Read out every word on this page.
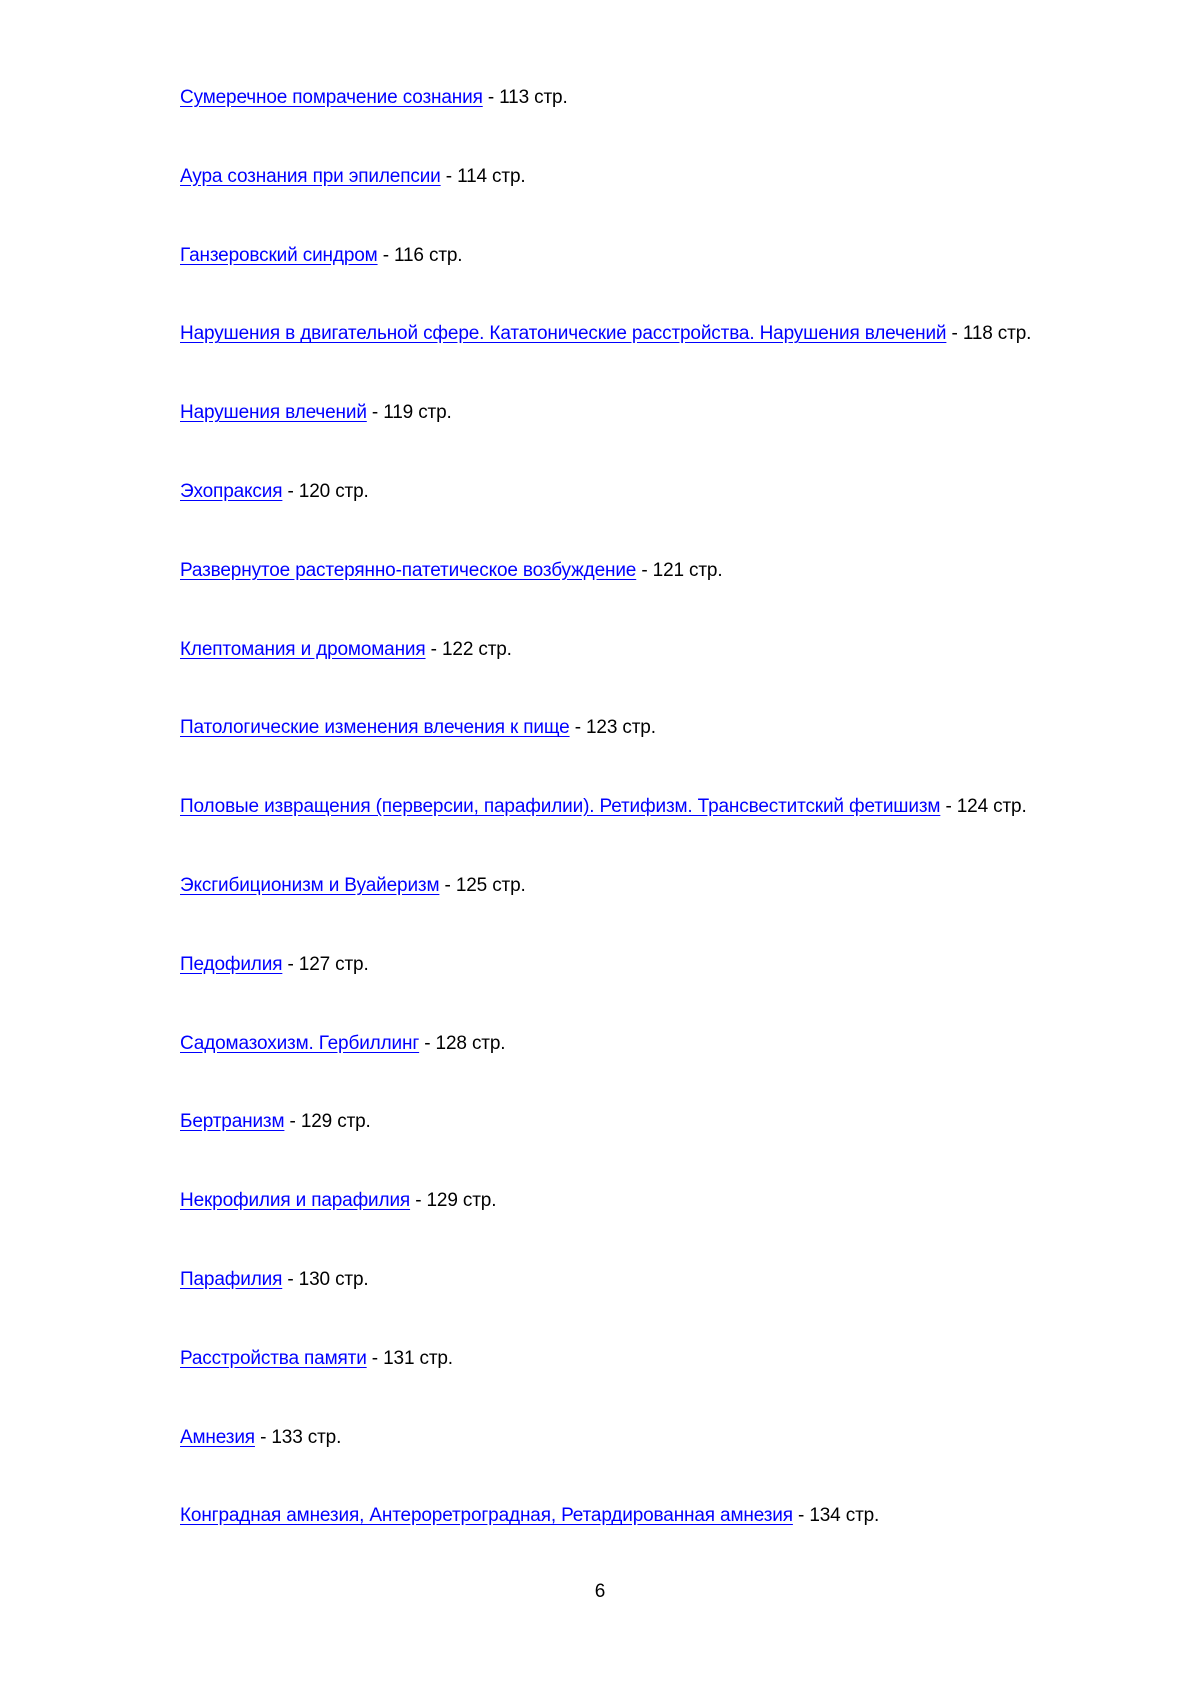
Сумеречное помрачение сознания - 113 стр.
Аура сознания при эпилепсии - 114 стр.
Ганзеровский синдром - 116 стр.
Нарушения в двигательной сфере. Кататонические расстройства. Нарушения влечений - 118 стр.
Нарушения влечений - 119 стр.
Эхопраксия - 120 стр.
Развернутое растерянно-патетическое возбуждение - 121 стр.
Клептомания и дромомания - 122 стр.
Патологические изменения влечения к пище - 123 стр.
Половые извращения (перверсии, парафилии). Ретифизм. Трансвеститский фетишизм - 124 стр.
Эксгибиционизм и Вуайеризм - 125 стр.
Педофилия - 127 стр.
Садомазохизм. Гербиллинг - 128 стр.
Бертранизм - 129 стр.
Некрофилия и парафилия - 129 стр.
Парафилия - 130 стр.
Расстройства памяти - 131 стр.
Амнезия - 133 стр.
Конградная амнезия, Антероретроградная, Ретардированная амнезия - 134 стр.
6
